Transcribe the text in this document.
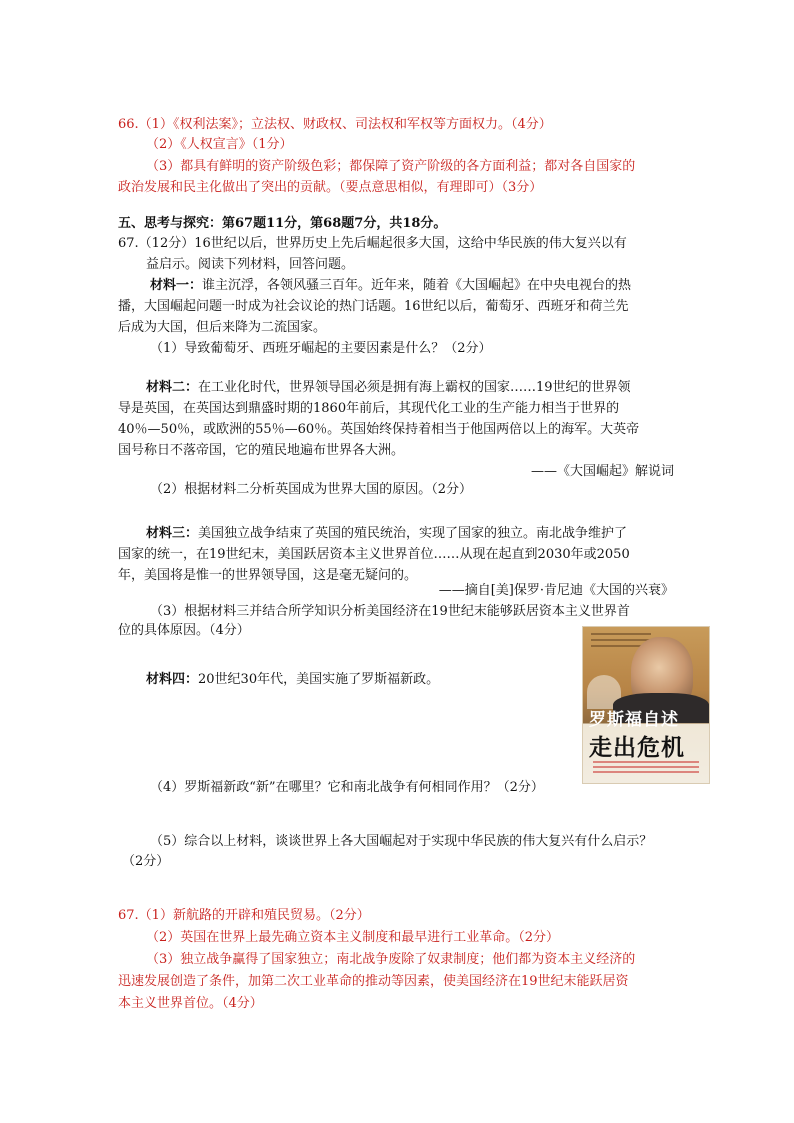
66.（1）《权利法案》；立法权、财政权、司法权和军权等方面权力。（4分）
（2）《人权宣言》（1分）
（3）都具有鲜明的资产阶级色彩；都保障了资产阶级的各方面利益；都对各自国家的
政治发展和民主化做出了突出的贡献。（要点意思相似，有理即可）（3分）
五、思考与探究：第67题11分，第68题7分，共18分。
67.（12分）16世纪以后，世界历史上先后崛起很多大国，这给中华民族的伟大复兴以有
益启示。阅读下列材料，回答问题。
材料一：谁主沉浮，各领风骚三百年。近年来，随着《大国崛起》在中央电视台的热
播，大国崛起问题一时成为社会议论的热门话题。16世纪以后，葡萄牙、西班牙和荷兰先
后成为大国，但后来降为二流国家。
（1）导致葡萄牙、西班牙崛起的主要因素是什么？（2分）
材料二：在工业化时代，世界领导国必须是拥有海上霸权的国家……19世纪的世界领
导是英国，在英国达到鼎盛时期的1860年前后，其现代化工业的生产能力相当于世界的
40％—50％，或欧洲的55％—60％。英国始终保持着相当于他国两倍以上的海军。大英帝
国号称日不落帝国，它的殖民地遍布世界各大洲。
——《大国崛起》解说词
（2）根据材料二分析英国成为世界大国的原因。（2分）
材料三：美国独立战争结束了英国的殖民统治，实现了国家的独立。南北战争维护了
国家的统一，在19世纪末，美国跃居资本主义世界首位……从现在起直到2030年或2050
年，美国将是惟一的世界领导国，这是毫无疑问的。
——摘自[美]保罗·肯尼迪《大国的兴衰》
（3）根据材料三并结合所学知识分析美国经济在19世纪末能够跃居资本主义世界首
位的具体原因。（4分）
材料四：20世纪30年代，美国实施了罗斯福新政。
罗斯福自述
走出危机
（4）罗斯福新政“新”在哪里？它和南北战争有何相同作用？（2分）
（5）综合以上材料，谈谈世界上各大国崛起对于实现中华民族的伟大复兴有什么启示？
（2分）
67.（1）新航路的开辟和殖民贸易。（2分）
（2）英国在世界上最先确立资本主义制度和最早进行工业革命。（2分）
（3）独立战争赢得了国家独立；南北战争废除了奴隶制度；他们都为资本主义经济的
迅速发展创造了条件，加第二次工业革命的推动等因素，使美国经济在19世纪末能跃居资
本主义世界首位。（4分）
